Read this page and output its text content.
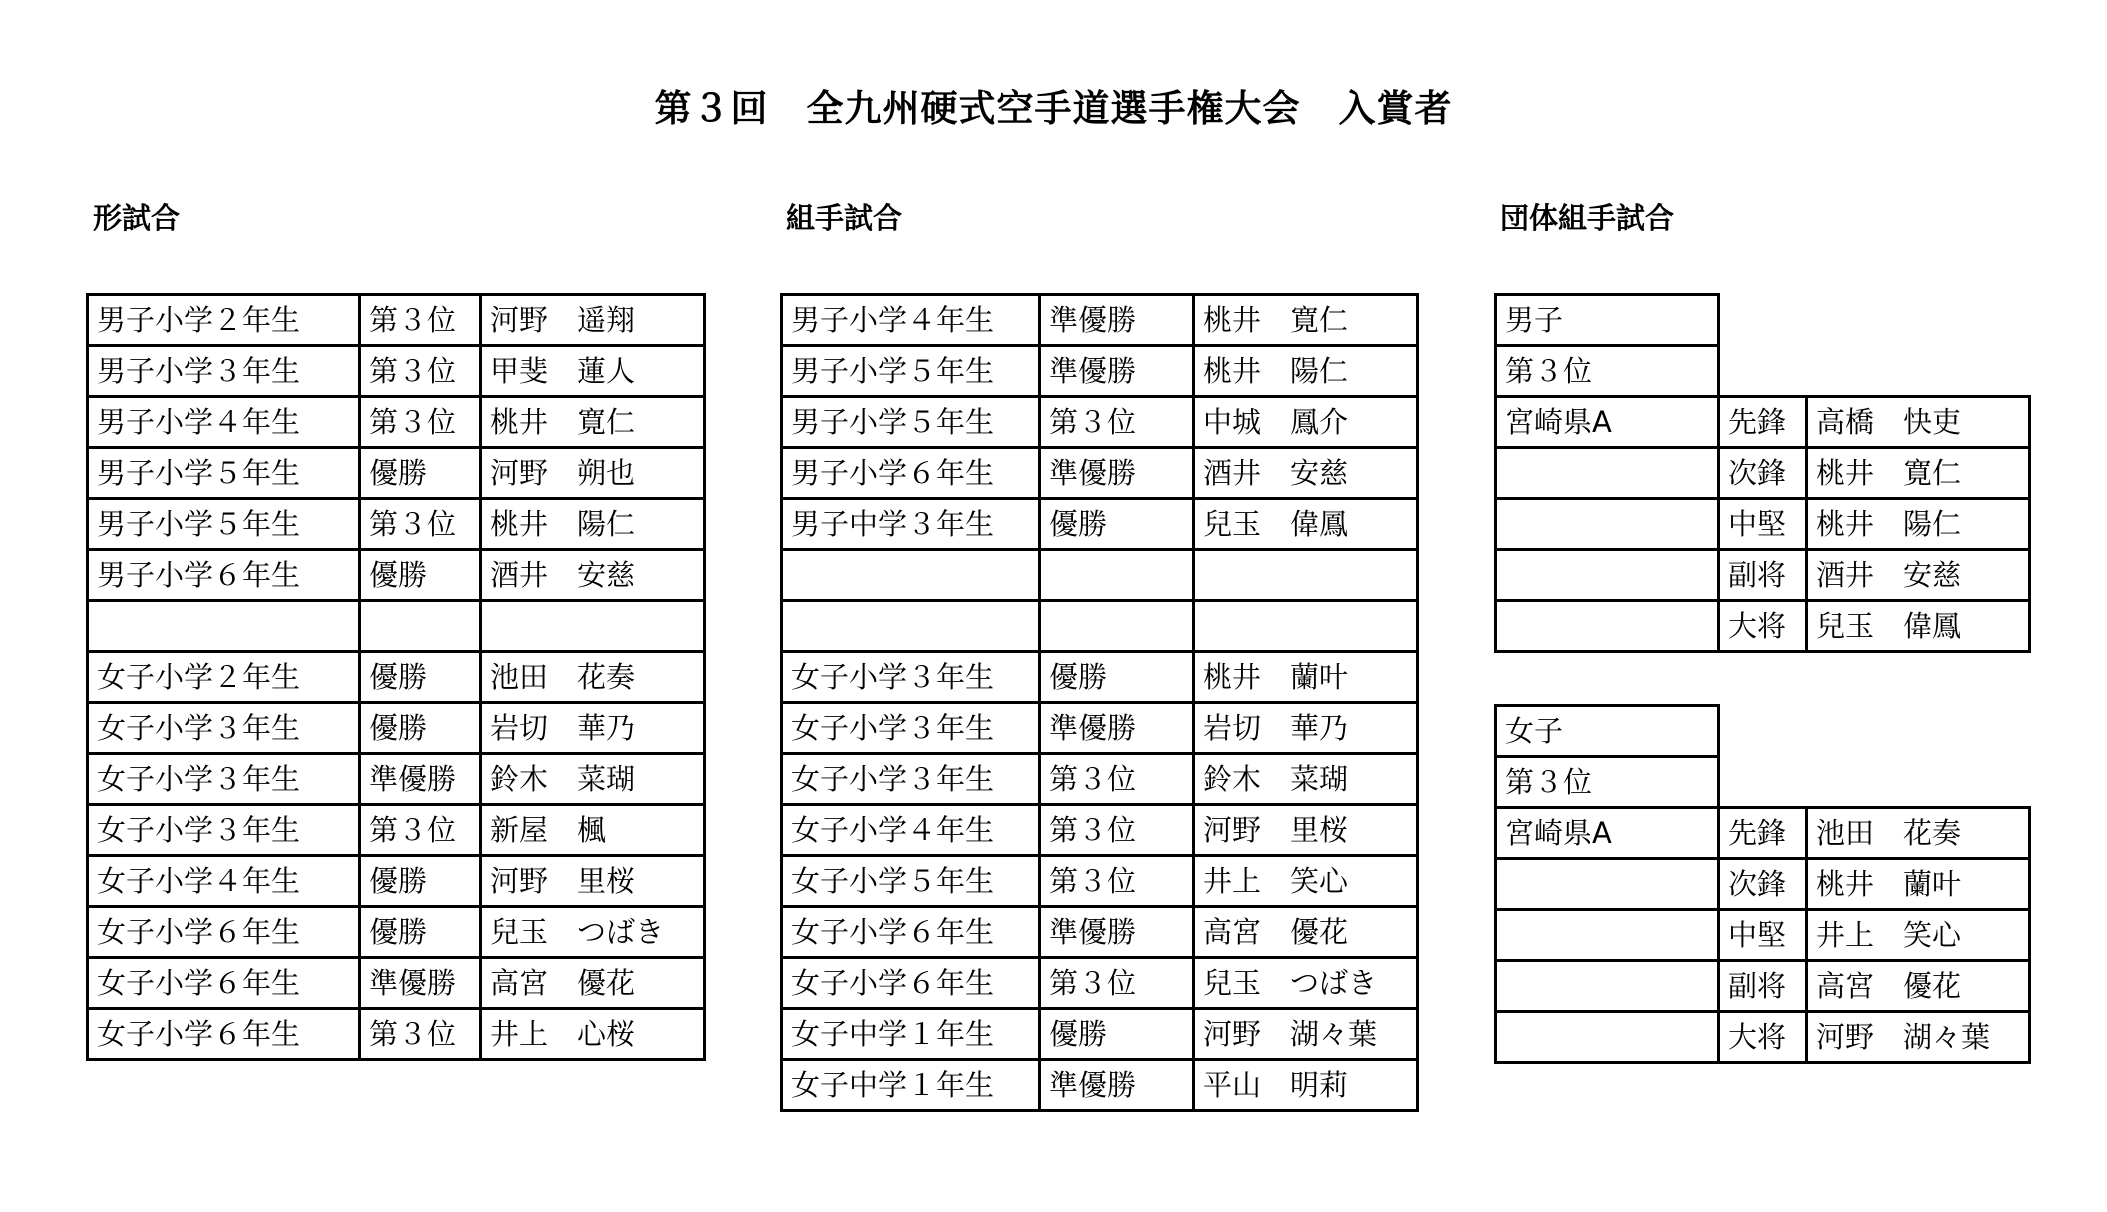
第３回　全九州硬式空手道選手権大会　入賞者
形試合
男子小学２年生	第３位	河野　遥翔
男子小学３年生	第３位	甲斐　蓮人
男子小学４年生	第３位	桃井　寛仁
男子小学５年生	優勝	河野　朔也
男子小学５年生	第３位	桃井　陽仁
男子小学６年生	優勝	酒井　安慈

女子小学２年生	優勝	池田　花奏
女子小学３年生	優勝	岩切　華乃
女子小学３年生	準優勝	鈴木　菜瑚
女子小学３年生	第３位	新屋　楓
女子小学４年生	優勝	河野　里桜
女子小学６年生	優勝	兒玉　つばき
女子小学６年生	準優勝	高宮　優花
女子小学６年生	第３位	井上　心桜
組手試合
男子小学４年生	準優勝	桃井　寛仁
男子小学５年生	準優勝	桃井　陽仁
男子小学５年生	第３位	中城　鳳介
男子小学６年生	準優勝	酒井　安慈
男子中学３年生	優勝	兒玉　偉鳳

女子小学３年生	優勝	桃井　蘭叶
女子小学３年生	準優勝	岩切　華乃
女子小学３年生	第３位	鈴木　菜瑚
女子小学４年生	第３位	河野　里桜
女子小学５年生	第３位	井上　笑心
女子小学６年生	準優勝	高宮　優花
女子小学６年生	第３位	兒玉　つばき
女子中学１年生	優勝	河野　湖々葉
女子中学１年生	準優勝	平山　明莉
団体組手試合
男子		
第３位		
宮崎県A	先鋒	高橋　快吏
	次鋒	桃井　寛仁
	中堅	桃井　陽仁
	副将	酒井　安慈
	大将	兒玉　偉鳳
女子		
第３位		
宮崎県A	先鋒	池田　花奏
	次鋒	桃井　蘭叶
	中堅	井上　笑心
	副将	高宮　優花
	大将	河野　湖々葉
